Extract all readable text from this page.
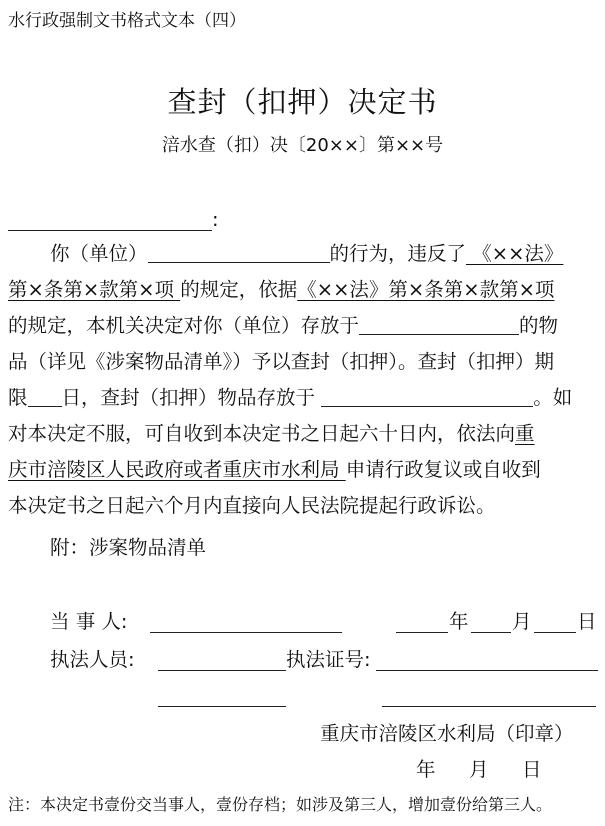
水行政强制文书格式文本（四）
查封（扣押）决定书
涪水查（扣）决〔20××〕第××号
:
你（单位）	的行为，违反了 《××法》
第×条第×款第×项 的规定，依据《××法》第×条第×款第×项
的规定，本机关决定对你（单位）存放于	的物
品（详见《涉案物品清单》）予以查封（扣押）。查封（扣押）期
限 日，查封（扣押）物品存放于	。如
对本决定不服，可自收到本决定书之日起六十日内，依法向重
庆市涪陵区人民政府或者重庆市水利局 申请行政复议或自收到
本决定书之日起六个月内直接向人民法院提起行政诉讼。
附：涉案物品清单
当 事 人:	年 月 日
执法人员:	执法证号:
重庆市涪陵区水利局（印章）
年 月 日
注：本决定书壹份交当事人，壹份存档；如涉及第三人，增加壹份给第三人。
